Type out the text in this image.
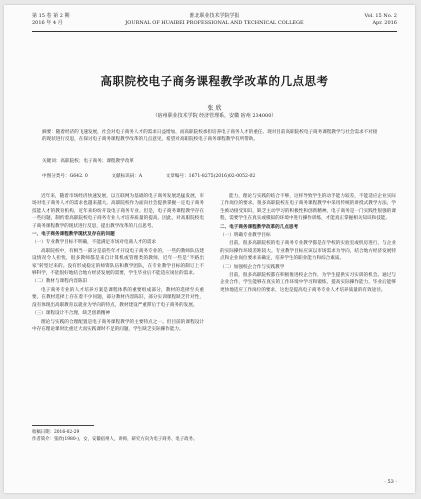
第 15 卷 第 2 期
2016 年 4 月
淮北职业技术学院学报
JOURNAL OF HUAIBEI PROFESSIONAL AND TECHNICAL COLLEGE
Vol. 15 No. 2
Apr. 2016
高职院校电子商务课程教学改革的几点思考
张 欣
（宿州职业技术学院 经济管理系，安徽 宿州 234000）
摘要：随着经济的飞速发展，社会对电子商务人才的需求日益增加，而高职院校承担培养电子商务人才的重任。现对目前高职院校电子商务课程教学与社会需求不对接的现状进行反思，在探讨电子商务课程教学改革的几点意见，希望对高职院校电子商务课程教学有所帮助。
关键词：高职院校；电子商务；课程教学改革
中图分类号：G642. 0	文献标识码：A	文章编号：1671-8275(2016)02-0052-02

近年来，随着市场经济快速发展，以互联网为基础的电子商务发展迅猛发展，市场对电子商务人才的需求也越来越大。高职院校作为面向社会提供掌握一定电子商务技能人才的教育机构，近年来纷纷开设电子商务专业。但是，电子商务课程教学存在一些问题，制约着高职院校电子商务专业人才培养质量的提高。因此，对高职院校电子商务课程教学的现状进行反思，提出教学改革的几点思考。

一、电子商务课程教学现状及存在的问题

（一）专业教学目标不明确，不能满足市场对电商人才的需求

高职院校中，有相当一部分是前些年才开设电子商务专业的，一些的教师队伍建设情况令人担忧，很多教师都是来自计算机或管理类的教师，近年一些是“半路出家”转型过来的。没有形成稳定的师资队伍和教学团队，在专业教学目标的制订上不够科学，不能很好地结合地方经济发展的需要，学生毕业后不能适应岗位的需求。

（二）教材与课程内容陈旧

电子商务专业的人才培养方案是课程体系的重要组成部分，教材的选择至关重要。在教材选择上存在着不少问题，部分教材内容陈旧，部分实训课程缺乏针对性，没有体现出高职教育以就业为导向的特点，教材建设严重滞后于电子商务的发展。

（三）课程设计不合理，缺乏创新精神

理论与实践的合理配置是电子商务课程教学的主要特点之一。但目前的课程设计中存在理论课时比重过大而实践课时不足的问题，学生缺乏实际操作能力。

能力，理论与实践的结合不够，这样导致学生的动手能力较差，不能适应企业实际工作岗位的要求。很多高职院校在电子商务课程教学中采用传统的讲授式教学方法，学生被动接受知识，缺乏主动学习的积极性和创新精神。电子商务是一门实践性很强的课程，需要学生在真实或模拟的环境中进行操作训练，才能真正掌握相关知识和技能。

二、电子商务课程教学改革的几点思考

（一）明确专业教学目标

目前，很多高职院校的电子商务专业教学都是在学校的实验室或机房进行，与企业的实际操作环境差距较大。专业教学目标应该以市场需求为导向，结合地方经济发展特点和企业岗位要求来确定，培养学生的职业能力和综合素质。

（二）加强校企合作与实践教学

目前，很多高职院校都在积极推进校企合作，为学生提供实习实训的机会。通过与企业合作，学生能够在真实的工作环境中学习和锻炼，提高实际操作能力，毕业后能够更快地适应工作岗位的要求，这也是提高电子商务专业人才培养质量的有效途径。

收稿日期：2016-02-29
作者简介：张欣(1980-)，女，安徽宿州人，讲师，研究方向为电子商务、电子政务。
· 53 ·
